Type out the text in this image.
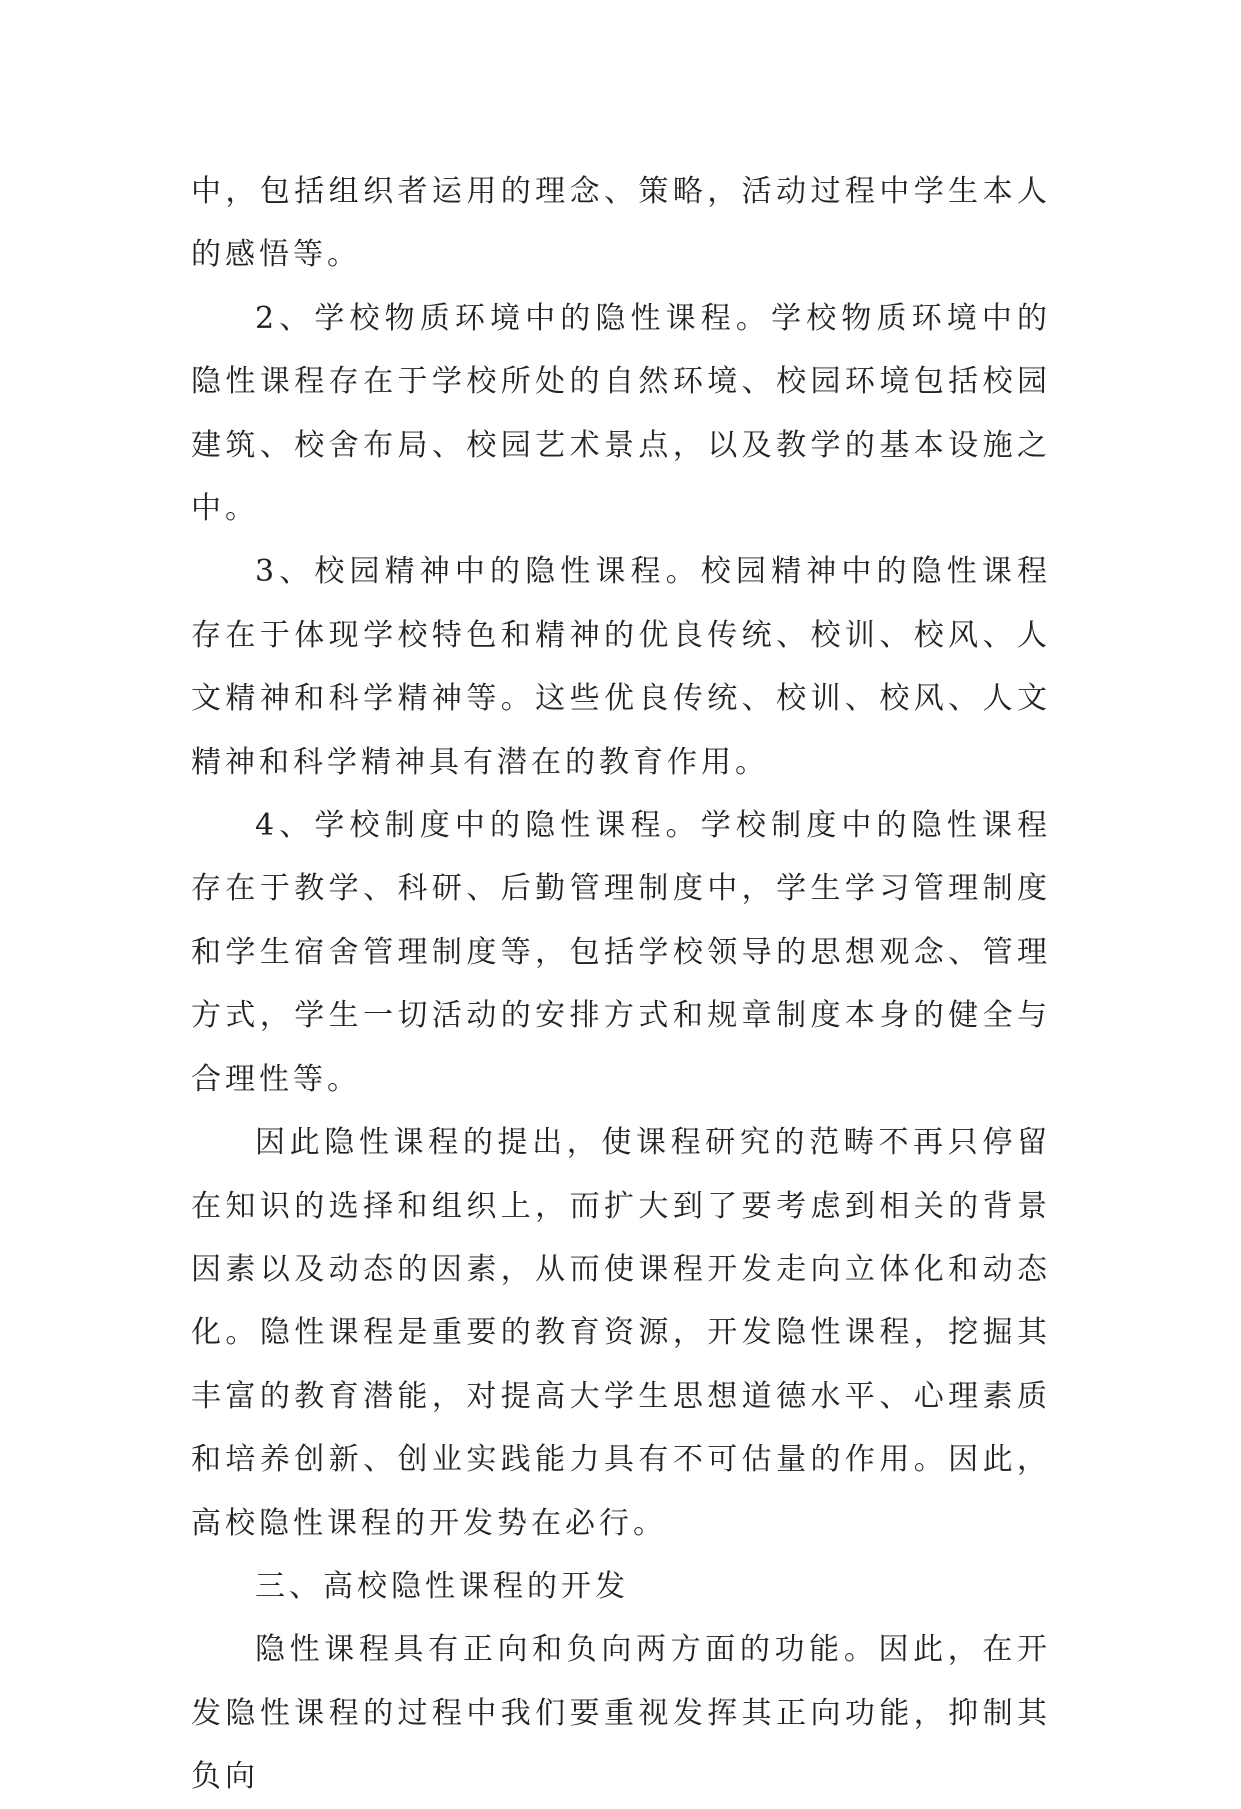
中，包括组织者运用的理念、策略，活动过程中学生本人的感悟等。

2、学校物质环境中的隐性课程。学校物质环境中的隐性课程存在于学校所处的自然环境、校园环境包括校园建筑、校舍布局、校园艺术景点，以及教学的基本设施之中。

3、校园精神中的隐性课程。校园精神中的隐性课程存在于体现学校特色和精神的优良传统、校训、校风、人文精神和科学精神等。这些优良传统、校训、校风、人文精神和科学精神具有潜在的教育作用。

4、学校制度中的隐性课程。学校制度中的隐性课程存在于教学、科研、后勤管理制度中，学生学习管理制度和学生宿舍管理制度等，包括学校领导的思想观念、管理方式，学生一切活动的安排方式和规章制度本身的健全与合理性等。

因此隐性课程的提出，使课程研究的范畴不再只停留在知识的选择和组织上，而扩大到了要考虑到相关的背景因素以及动态的因素，从而使课程开发走向立体化和动态化。隐性课程是重要的教育资源，开发隐性课程，挖掘其丰富的教育潜能，对提高大学生思想道德水平、心理素质和培养创新、创业实践能力具有不可估量的作用。因此，高校隐性课程的开发势在必行。

三、高校隐性课程的开发

隐性课程具有正向和负向两方面的功能。因此，在开发隐性课程的过程中我们要重视发挥其正向功能，抑制其负向
